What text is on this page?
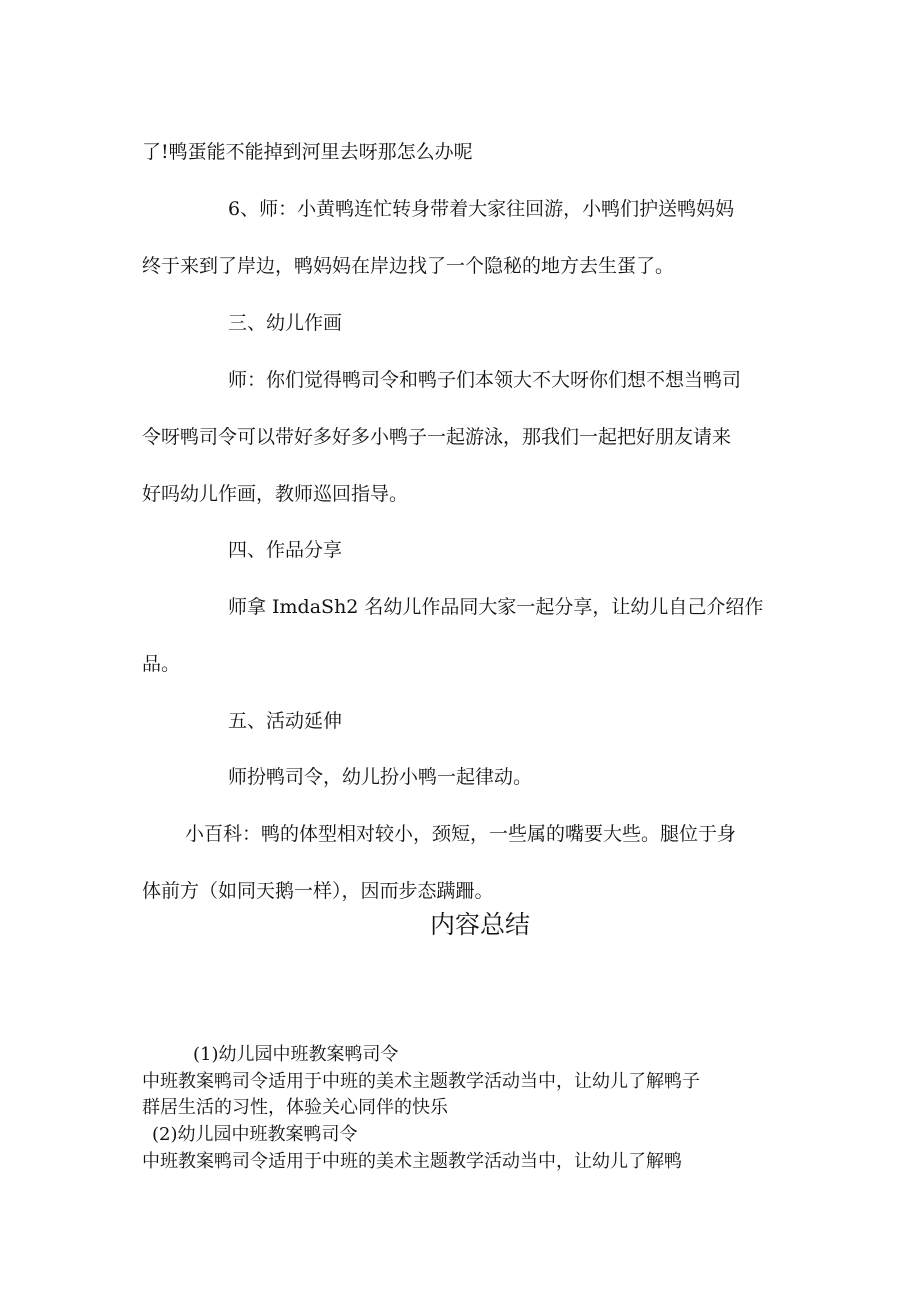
了!鸭蛋能不能掉到河里去呀那怎么办呢

6、师：小黄鸭连忙转身带着大家往回游，小鸭们护送鸭妈妈

终于来到了岸边，鸭妈妈在岸边找了一个隐秘的地方去生蛋了。

三、幼儿作画

师：你们觉得鸭司令和鸭子们本领大不大呀你们想不想当鸭司

令呀鸭司令可以带好多好多小鸭子一起游泳，那我们一起把好朋友请来

好吗幼儿作画，教师巡回指导。

四、作品分享

师拿 ImdaSh2 名幼儿作品同大家一起分享，让幼儿自己介绍作

品。

五、活动延伸

师扮鸭司令，幼儿扮小鸭一起律动。

小百科：鸭的体型相对较小，颈短，一些属的嘴要大些。腿位于身

体前方（如同天鹅一样），因而步态蹒跚。

内容总结

(1)幼儿园中班教案鸭司令

中班教案鸭司令适用于中班的美术主题教学活动当中，让幼儿了解鸭子

群居生活的习性，体验关心同伴的快乐

(2)幼儿园中班教案鸭司令

中班教案鸭司令适用于中班的美术主题教学活动当中，让幼儿了解鸭
